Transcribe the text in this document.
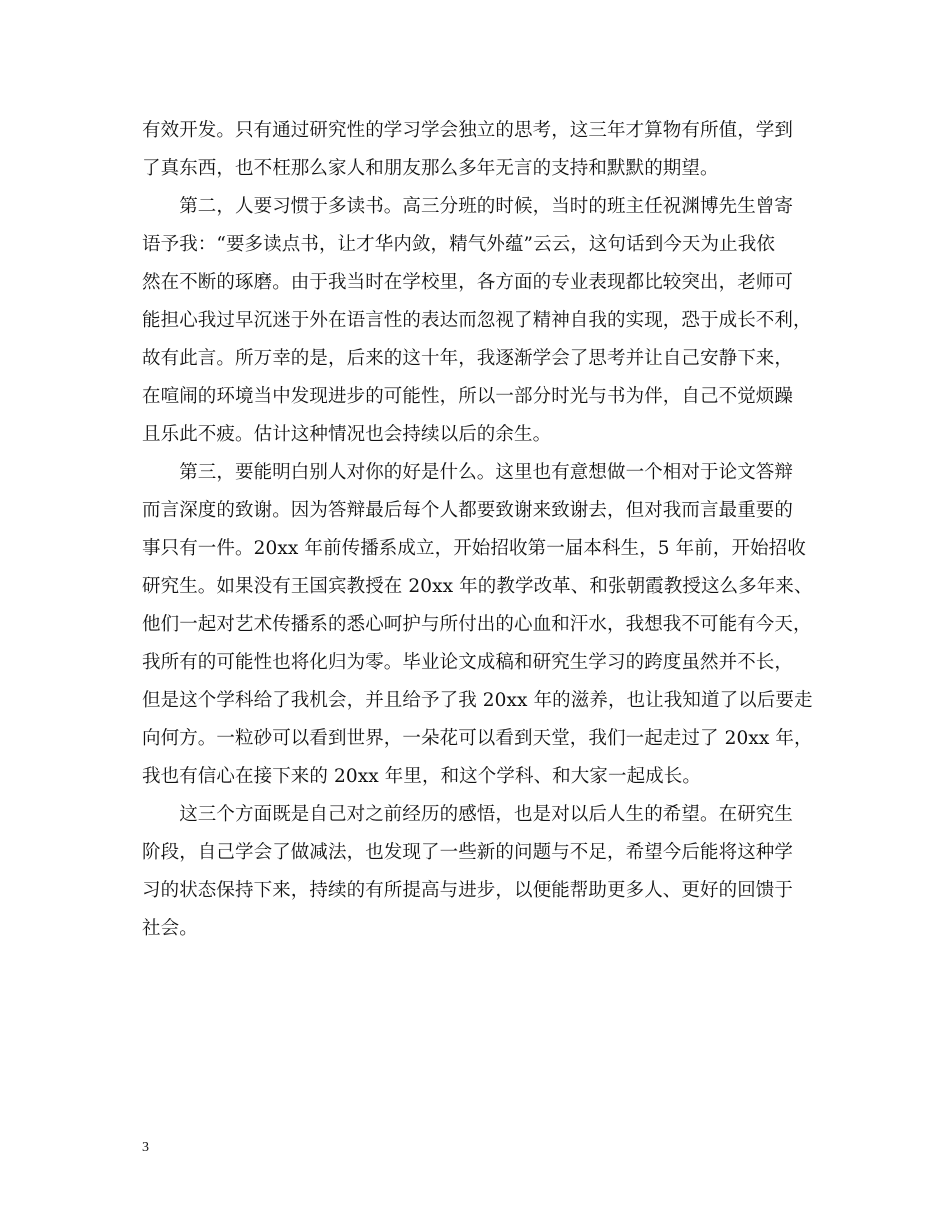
有效开发。只有通过研究性的学习学会独立的思考，这三年才算物有所值，学到
了真东西，也不枉那么家人和朋友那么多年无言的支持和默默的期望。
　　第二，人要习惯于多读书。高三分班的时候，当时的班主任祝渊博先生曾寄
语予我：“要多读点书，让才华内敛，精气外蕴”云云，这句话到今天为止我依
然在不断的琢磨。由于我当时在学校里，各方面的专业表现都比较突出，老师可
能担心我过早沉迷于外在语言性的表达而忽视了精神自我的实现，恐于成长不利，
故有此言。所万幸的是，后来的这十年，我逐渐学会了思考并让自己安静下来，
在喧闹的环境当中发现进步的可能性，所以一部分时光与书为伴，自己不觉烦躁
且乐此不疲。估计这种情况也会持续以后的余生。
　　第三，要能明白别人对你的好是什么。这里也有意想做一个相对于论文答辩
而言深度的致谢。因为答辩最后每个人都要致谢来致谢去，但对我而言最重要的
事只有一件。20xx 年前传播系成立，开始招收第一届本科生，5 年前，开始招收
研究生。如果没有王国宾教授在 20xx 年的教学改革、和张朝霞教授这么多年来、
他们一起对艺术传播系的悉心呵护与所付出的心血和汗水，我想我不可能有今天，
我所有的可能性也将化归为零。毕业论文成稿和研究生学习的跨度虽然并不长，
但是这个学科给了我机会，并且给予了我 20xx 年的滋养，也让我知道了以后要走
向何方。一粒砂可以看到世界，一朵花可以看到天堂，我们一起走过了 20xx 年，
我也有信心在接下来的 20xx 年里，和这个学科、和大家一起成长。
　　这三个方面既是自己对之前经历的感悟，也是对以后人生的希望。在研究生
阶段，自己学会了做减法，也发现了一些新的问题与不足，希望今后能将这种学
习的状态保持下来，持续的有所提高与进步，以便能帮助更多人、更好的回馈于
社会。
3
